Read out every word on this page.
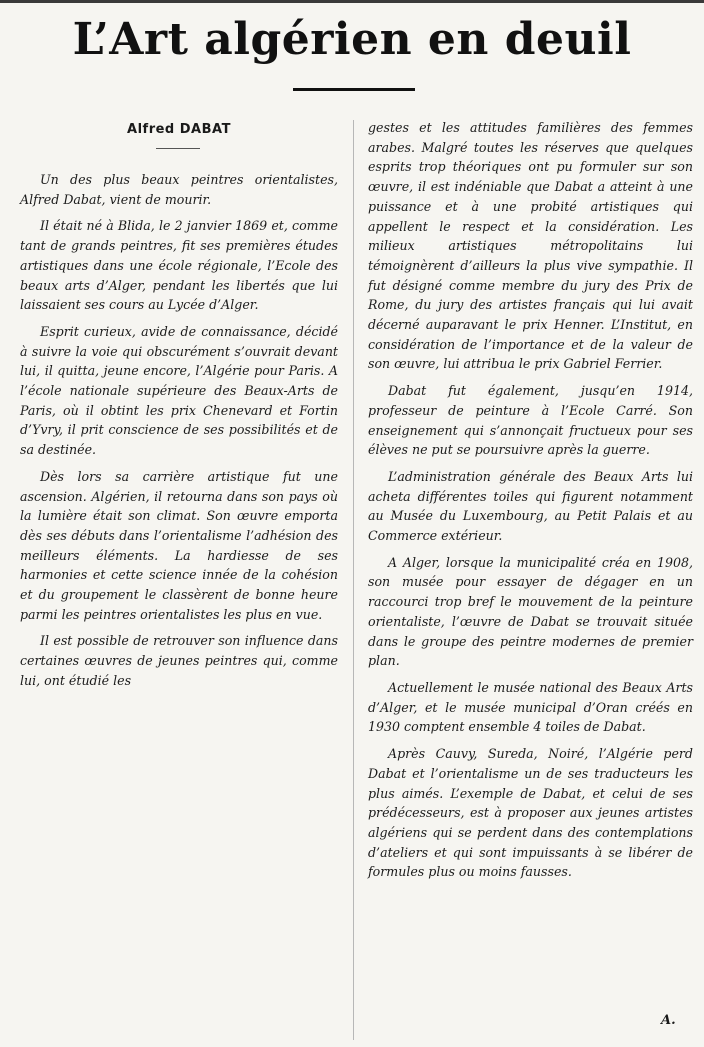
L’Art algérien en deuil
Alfred DABAT

Un des plus beaux peintres orientalistes, Alfred Dabat, vient de mourir.

Il était né à Blida, le 2 janvier 1869 et, comme tant de grands peintres, fit ses premières études artistiques dans une école régionale, l’Ecole des beaux arts d’Alger, pendant les libertés que lui laissaient ses cours au Lycée d’Alger.

Esprit curieux, avide de connaissance, décidé à suivre la voie qui obscurément s’ouvrait devant lui, il quitta, jeune encore, l’Algérie pour Paris. A l’école nationale supérieure des Beaux-Arts de Paris, où il obtint les prix Chenevard et Fortin d’Yvry, il prit conscience de ses possibilités et de sa destinée.

Dès lors sa carrière artistique fut une ascension. Algérien, il retourna dans son pays où la lumière était son climat. Son œuvre emporta dès ses débuts dans l’orientalisme l’adhésion des meilleurs éléments. La hardiesse de ses harmonies et cette science innée de la cohésion et du groupement le classèrent de bonne heure parmi les peintres orientalistes les plus en vue.

Il est possible de retrouver son influence dans certaines œuvres de jeunes peintres qui, comme lui, ont étudié les

gestes et les attitudes familières des femmes arabes. Malgré toutes les réserves que quelques esprits trop théoriques ont pu formuler sur son œuvre, il est indéniable que Dabat a atteint à une puissance et à une probité artistiques qui appellent le respect et la considération. Les milieux artistiques métropolitains lui témoignèrent d’ailleurs la plus vive sympathie. Il fut désigné comme membre du jury des Prix de Rome, du jury des artistes français qui lui avait décerné auparavant le prix Henner. L’Institut, en considération de l’importance et de la valeur de son œuvre, lui attribua le prix Gabriel Ferrier.

Dabat fut également, jusqu’en 1914, professeur de peinture à l’Ecole Carré. Son enseignement qui s’annonçait fructueux pour ses élèves ne put se poursuivre après la guerre.

L’administration générale des Beaux Arts lui acheta différentes toiles qui figurent notamment au Musée du Luxembourg, au Petit Palais et au Commerce extérieur.

A Alger, lorsque la municipalité créa en 1908, son musée pour essayer de dégager en un raccourci trop bref le mouvement de la peinture orientaliste, l’œuvre de Dabat se trouvait située dans le groupe des peintre modernes de premier plan.

Actuellement le musée national des Beaux Arts d’Alger, et le musée municipal d’Oran créés en 1930 comptent ensemble 4 toiles de Dabat.

Après Cauvy, Sureda, Noiré, l’Algérie perd Dabat et l’orientalisme un de ses traducteurs les plus aimés. L’exemple de Dabat, et celui de ses prédécesseurs, est à proposer aux jeunes artistes algériens qui se perdent dans des contemplations d’ateliers et qui sont impuissants à se libérer de formules plus ou moins fausses.

A.
